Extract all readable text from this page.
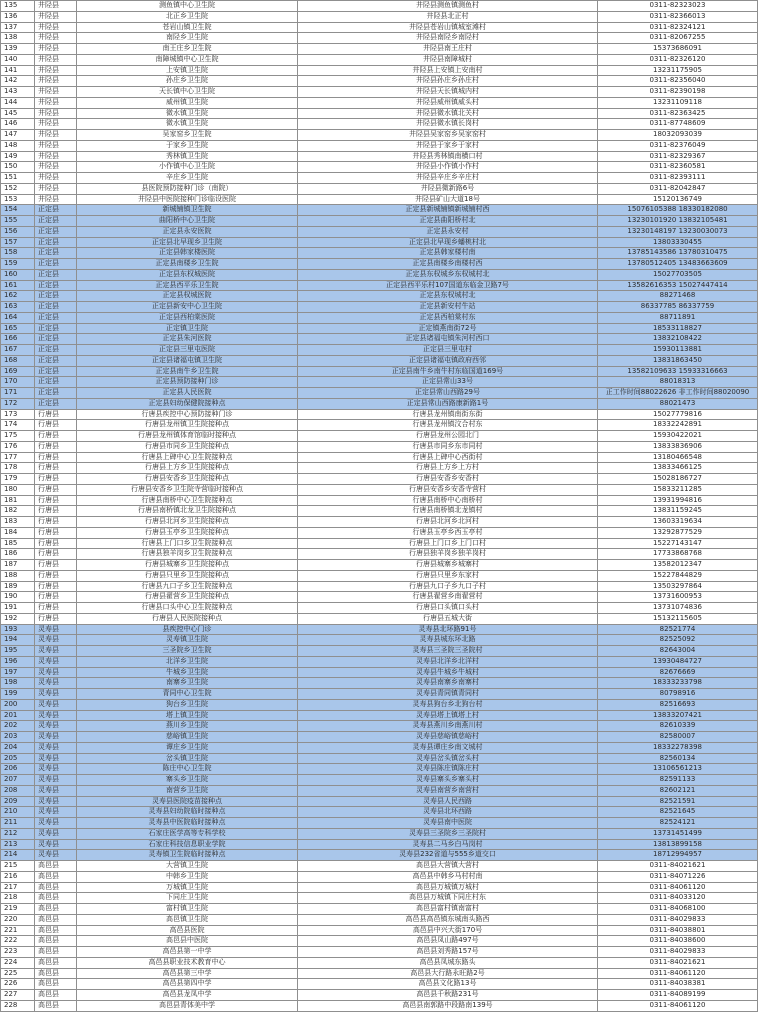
135	井陉县	测鱼镇中心卫生院	井陉县测鱼镇测鱼村	0311-82323023
136	井陉县	北正乡卫生院	井陉县北正村	0311-82366013
137	井陉县	苍岩山镇卫生院	井陉县苍岩山镇城室滩村	0311-82324121
138	井陉县	南陉乡卫生院	井陉县南陉乡南陉村	0311-82067255
139	井陉县	南王庄乡卫生院	井陉县南王庄村	15373686091
140	井陉县	南障城镇中心卫生院	井陉县南障城村	0311-82326120
141	井陉县	上安镇卫生院	井陉县上安镇上安南村	13231175905
142	井陉县	孙庄乡卫生院	井陉县孙庄乡孙庄村	0311-82356040
143	井陉县	天长镇中心卫生院	井陉县天长镇城内村	0311-82390198
144	井陉县	威州镇卫生院	井陉县威州镇威头村	13231109118
145	井陉县	微水镇卫生院	井陉县微水镇北关村	0311-82363425
146	井陉县	微水镇卫生院	井陉县微水镇长岗村	0311-87748609
147	井陉县	吴家窑乡卫生院	井陉县吴家窑乡吴家窑村	18032093039
148	井陉县	于家乡卫生院	井陉县于家乡于家村	0311-82376049
149	井陉县	秀林镇卫生院	井陉县秀林镇南横口村	0311-82329367
150	井陉县	小作镇中心卫生院	井陉县小作镇小作村	0311-82360581
151	井陉县	辛庄乡卫生院	井陉县辛庄乡辛庄村	0311-82393111
152	井陉县	县医院预防接种门诊（南院）	井陉县微新路6号	0311-82042847
153	井陉县	井陉县中医院接种门诊临设医院	井陉县矿山大道18号	15120136749
154	正定县	新城铺镇卫生院	正定县新城铺镇新城铺村西	15076105388 18330182080
155	正定县	曲阳桥中心卫生院	正定县曲阳桥村北	13230101920 13832105481
156	正定县	正定县永安医院	正定县永安村	13230148197 13230030073
157	正定县	正定县北早现乡卫生院	正定县北早现乡蟠桃村北	13803330455
158	正定县	正定县韩家楼医院	正定县韩家楼村南	13785143586 13780310475
159	正定县	正定县南楼乡卫生院	正定县南楼乡南楼村西	13780512405 13483663609
160	正定县	正定县东权城医院	正定县东权城乡东权城村北	15027703505
161	正定县	正定县西平乐卫生院	正定县西平乐村107国道东临金卫路7号	13582616353 15027447414
162	正定县	正定县权城医院	正定县东权城村北	88271468
163	正定县	正定县新安中心卫生院	正定县新安村牛站	86337785 86337759
164	正定县	正定县西柏棠医院	正定县西柏棠村东	88711891
165	正定县	正定镇卫生院	正定镇燕南街72号	18533118827
166	正定县	正定县朱河医院	正定县诸福屯镇朱河村西口	13832108422
167	正定县	正定县三里屯医院	正定县三里屯村	15930113881
168	正定县	正定县诸福屯镇卫生院	正定县诸福屯镇政府西邻	13831863450
169	正定县	正定县南牛乡卫生院	正定县南牛乡南牛村东临国道169号	13582109633 15933316663
170	正定县	正定县预防接种门诊	正定县常山33号	88018313
171	正定县	正定县人民医院	正定县常山西路29号	正工作时间88022626 非工作时间88020090
172	正定县	正定县妇幼保健院接种点	正定县常山西路康新路1号	88021473
173	行唐县	行唐县疾控中心预防接种门诊	行唐县龙州镇南街东街	15027779816
174	行唐县	行唐县龙州镇卫生院接种点	行唐县龙州镇汶合村东	18332242891
175	行唐县	行唐县龙州镇体育馆临时接种点	行唐县龙州公园北门	15930422021
176	行唐县	行唐县市同乡卫生院接种点	行唐县市同乡东市同村	13833836906
177	行唐县	行唐县上碑中心卫生院接种点	行唐县上碑中心西街村	13180466548
178	行唐县	行唐县上方乡卫生院接种点	行唐县上方乡上方村	13833466125
179	行唐县	行唐县安香乡卫生院接种点	行唐县安香乡安香村	15028186727
180	行唐县	行唐县安香乡卫生院寺营临时接种点	行唐县安香乡安香寺营村	15833211285
181	行唐县	行唐县南桥中心卫生院接种点	行唐县南桥中心南桥村	13931994816
182	行唐县	行唐县南桥镇北龙卫生院接种点	行唐县南桥镇北龙镇村	13831159245
183	行唐县	行唐县北河乡卫生院接种点	行唐县北河乡北河村	13603319634
184	行唐县	行唐县玉亭乡卫生院接种点	行唐县玉亭乡西玉亭村	13292877529
185	行唐县	行唐县上门口乡卫生院接种点	行唐县上门口乡上门口村	15227143147
186	行唐县	行唐县独羊岗乡卫生院接种点	行唐县独羊岗乡独羊岗村	17733868768
187	行唐县	行唐县城寨乡卫生院接种点	行唐县城寨乡城寨村	13582012347
188	行唐县	行唐县只里乡卫生院接种点	行唐县只里乡东家村	15227844829
189	行唐县	行唐县九口子乡卫生院接种点	行唐县九口子乡九口子村	13503297864
190	行唐县	行唐县翟营乡卫生院接种点	行唐县翟营乡南翟营村	13731600953
191	行唐县	行唐县口头中心卫生院接种点	行唐县口头镇口头村	13731074836
192	行唐县	行唐县人民医院接种点	行唐县五城大街	15132115605
193	灵寿县	县疾控中心门诊	灵寿县北环路91号	82521774
194	灵寿县	灵寿镇卫生院	灵寿县城东环北路	82525092
195	灵寿县	三圣院乡卫生院	灵寿县三圣院三圣院村	82643004
196	灵寿县	北洋乡卫生院	灵寿县北洋乡北洋村	13930484727
197	灵寿县	牛城乡卫生院	灵寿县牛城乡牛城村	82676669
198	灵寿县	南寨乡卫生院	灵寿县南寨乡南寨村	18333233798
199	灵寿县	青同中心卫生院	灵寿县青同镇青同村	80798916
200	灵寿县	狗台乡卫生院	灵寿县狗台乡北狗台村	82516693
201	灵寿县	塔上镇卫生院	灵寿县塔上镇塔上村	13833207421
202	灵寿县	燕川乡卫生院	灵寿县燕川乡南燕川村	82610339
203	灵寿县	慈峪镇卫生院	灵寿县慈峪镇慈峪村	82580007
204	灵寿县	谭庄乡卫生院	灵寿县谭庄乡南文城村	18332278398
205	灵寿县	岔头镇卫生院	灵寿县岔头镇岔头村	82560134
206	灵寿县	陈庄中心卫生院	灵寿县陈庄镇陈庄村	13106561213
207	灵寿县	寨头乡卫生院	灵寿县寨头乡寨头村	82591133
208	灵寿县	南营乡卫生院	灵寿县南营乡南营村	82602121
209	灵寿县	灵寿县医院疫苗接种点	灵寿县人民西路	82521591
210	灵寿县	灵寿县妇幼院临时接种点	灵寿县北环西路	82521645
211	灵寿县	灵寿县中医院临时接种点	灵寿县南中医院	82524121
212	灵寿县	石家庄医学高等专科学校	灵寿县三圣院乡三圣院村	13731451499
213	灵寿县	石家庄科技信息职业学院	灵寿县二马乡白马岗村	13813899158
214	灵寿县	灵寿镇卫生院临时接种点	灵寿县232省道与555乡道交口	18712994957
215	高邑县	大营镇卫生院	高邑县大营镇大营村	0311-84021621
216	高邑县	中韩乡卫生院	高邑县中韩乡马村村南	0311-84071226
217	高邑县	万城镇卫生院	高邑县万城镇万城村	0311-84061120
218	高邑县	下同庄卫生院	高邑县万城镇下同庄村东	0311-84033120
219	高邑县	富村镇卫生院	高邑县富村镇南富村	0311-84068100
220	高邑县	高邑镇卫生院	高邑县高邑镇东城南头路西	0311-84029833
221	高邑县	高邑县医院	高邑县中兴大街170号	0311-84038801
222	高邑县	高邑县中医院	高邑县凤山路497号	0311-84038600
223	高邑县	高邑县第一中学	高邑县刘秀路157号	0311-84029833
224	高邑县	高邑县职业技术教育中心	高邑县凤城东路头	0311-84021621
225	高邑县	高邑县第三中学	高邑县大行路永旺路2号	0311-84061120
226	高邑县	高邑县第四中学	高邑县文化路13号	0311-84038381
227	高邑县	高邑县龙凤中学	高邑县千秋路231号	0311-84089199
228	高邑县	高邑县青体美中学	高邑县南郭路中段路南139号	0311-84061120
